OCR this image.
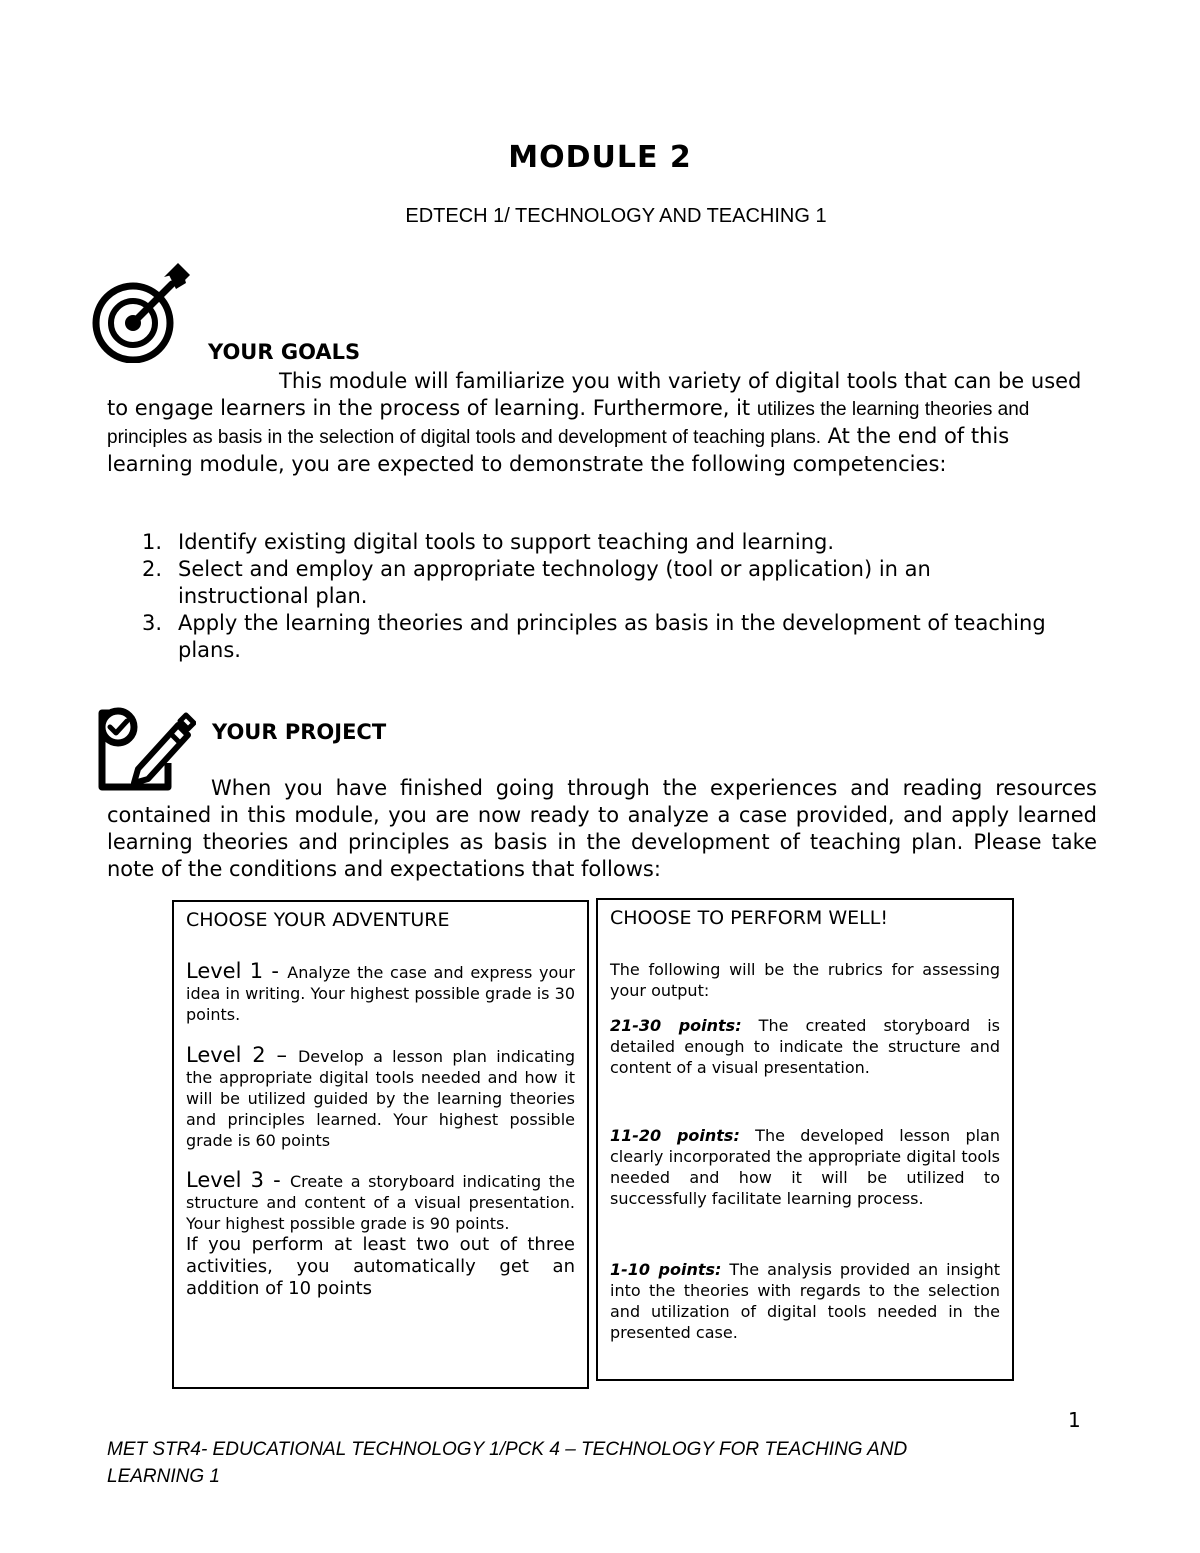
MODULE 2
EDTECH 1/ TECHNOLOGY AND TEACHING 1
YOUR GOALS
This module will familiarize you with variety of digital tools that can be used to engage learners in the process of learning. Furthermore, it utilizes the learning theories and principles as basis in the selection of digital tools and development of teaching plans. At the end of this learning module, you are expected to demonstrate the following competencies:
1. Identify existing digital tools to support teaching and learning.
2. Select and employ an appropriate technology (tool or application) in an instructional plan.
3. Apply the learning theories and principles as basis in the development of teaching plans.
YOUR PROJECT
When you have finished going through the experiences and reading resources contained in this module, you are now ready to analyze a case provided, and apply learned learning theories and principles as basis in the development of teaching plan. Please take note of the conditions and expectations that follows:
CHOOSE YOUR ADVENTURE

Level 1 - Analyze the case and express your idea in writing. Your highest possible grade is 30 points.

Level 2 – Develop a lesson plan indicating the appropriate digital tools needed and how it will be utilized guided by the learning theories and principles learned. Your highest possible grade is 60 points

Level 3 - Create a storyboard indicating the structure and content of a visual presentation. Your highest possible grade is 90 points.

If you perform at least two out of three activities, you automatically get an addition of 10 points

CHOOSE TO PERFORM WELL!

The following will be the rubrics for assessing your output:

21-30 points: The created storyboard is detailed enough to indicate the structure and content of a visual presentation.

11-20 points: The developed lesson plan clearly incorporated the appropriate digital tools needed and how it will be utilized to successfully facilitate learning process.

1-10 points: The analysis provided an insight into the theories with regards to the selection and utilization of digital tools needed in the presented case.

1
MET STR4- EDUCATIONAL TECHNOLOGY 1/PCK 4 – TECHNOLOGY FOR TEACHING AND LEARNING 1
